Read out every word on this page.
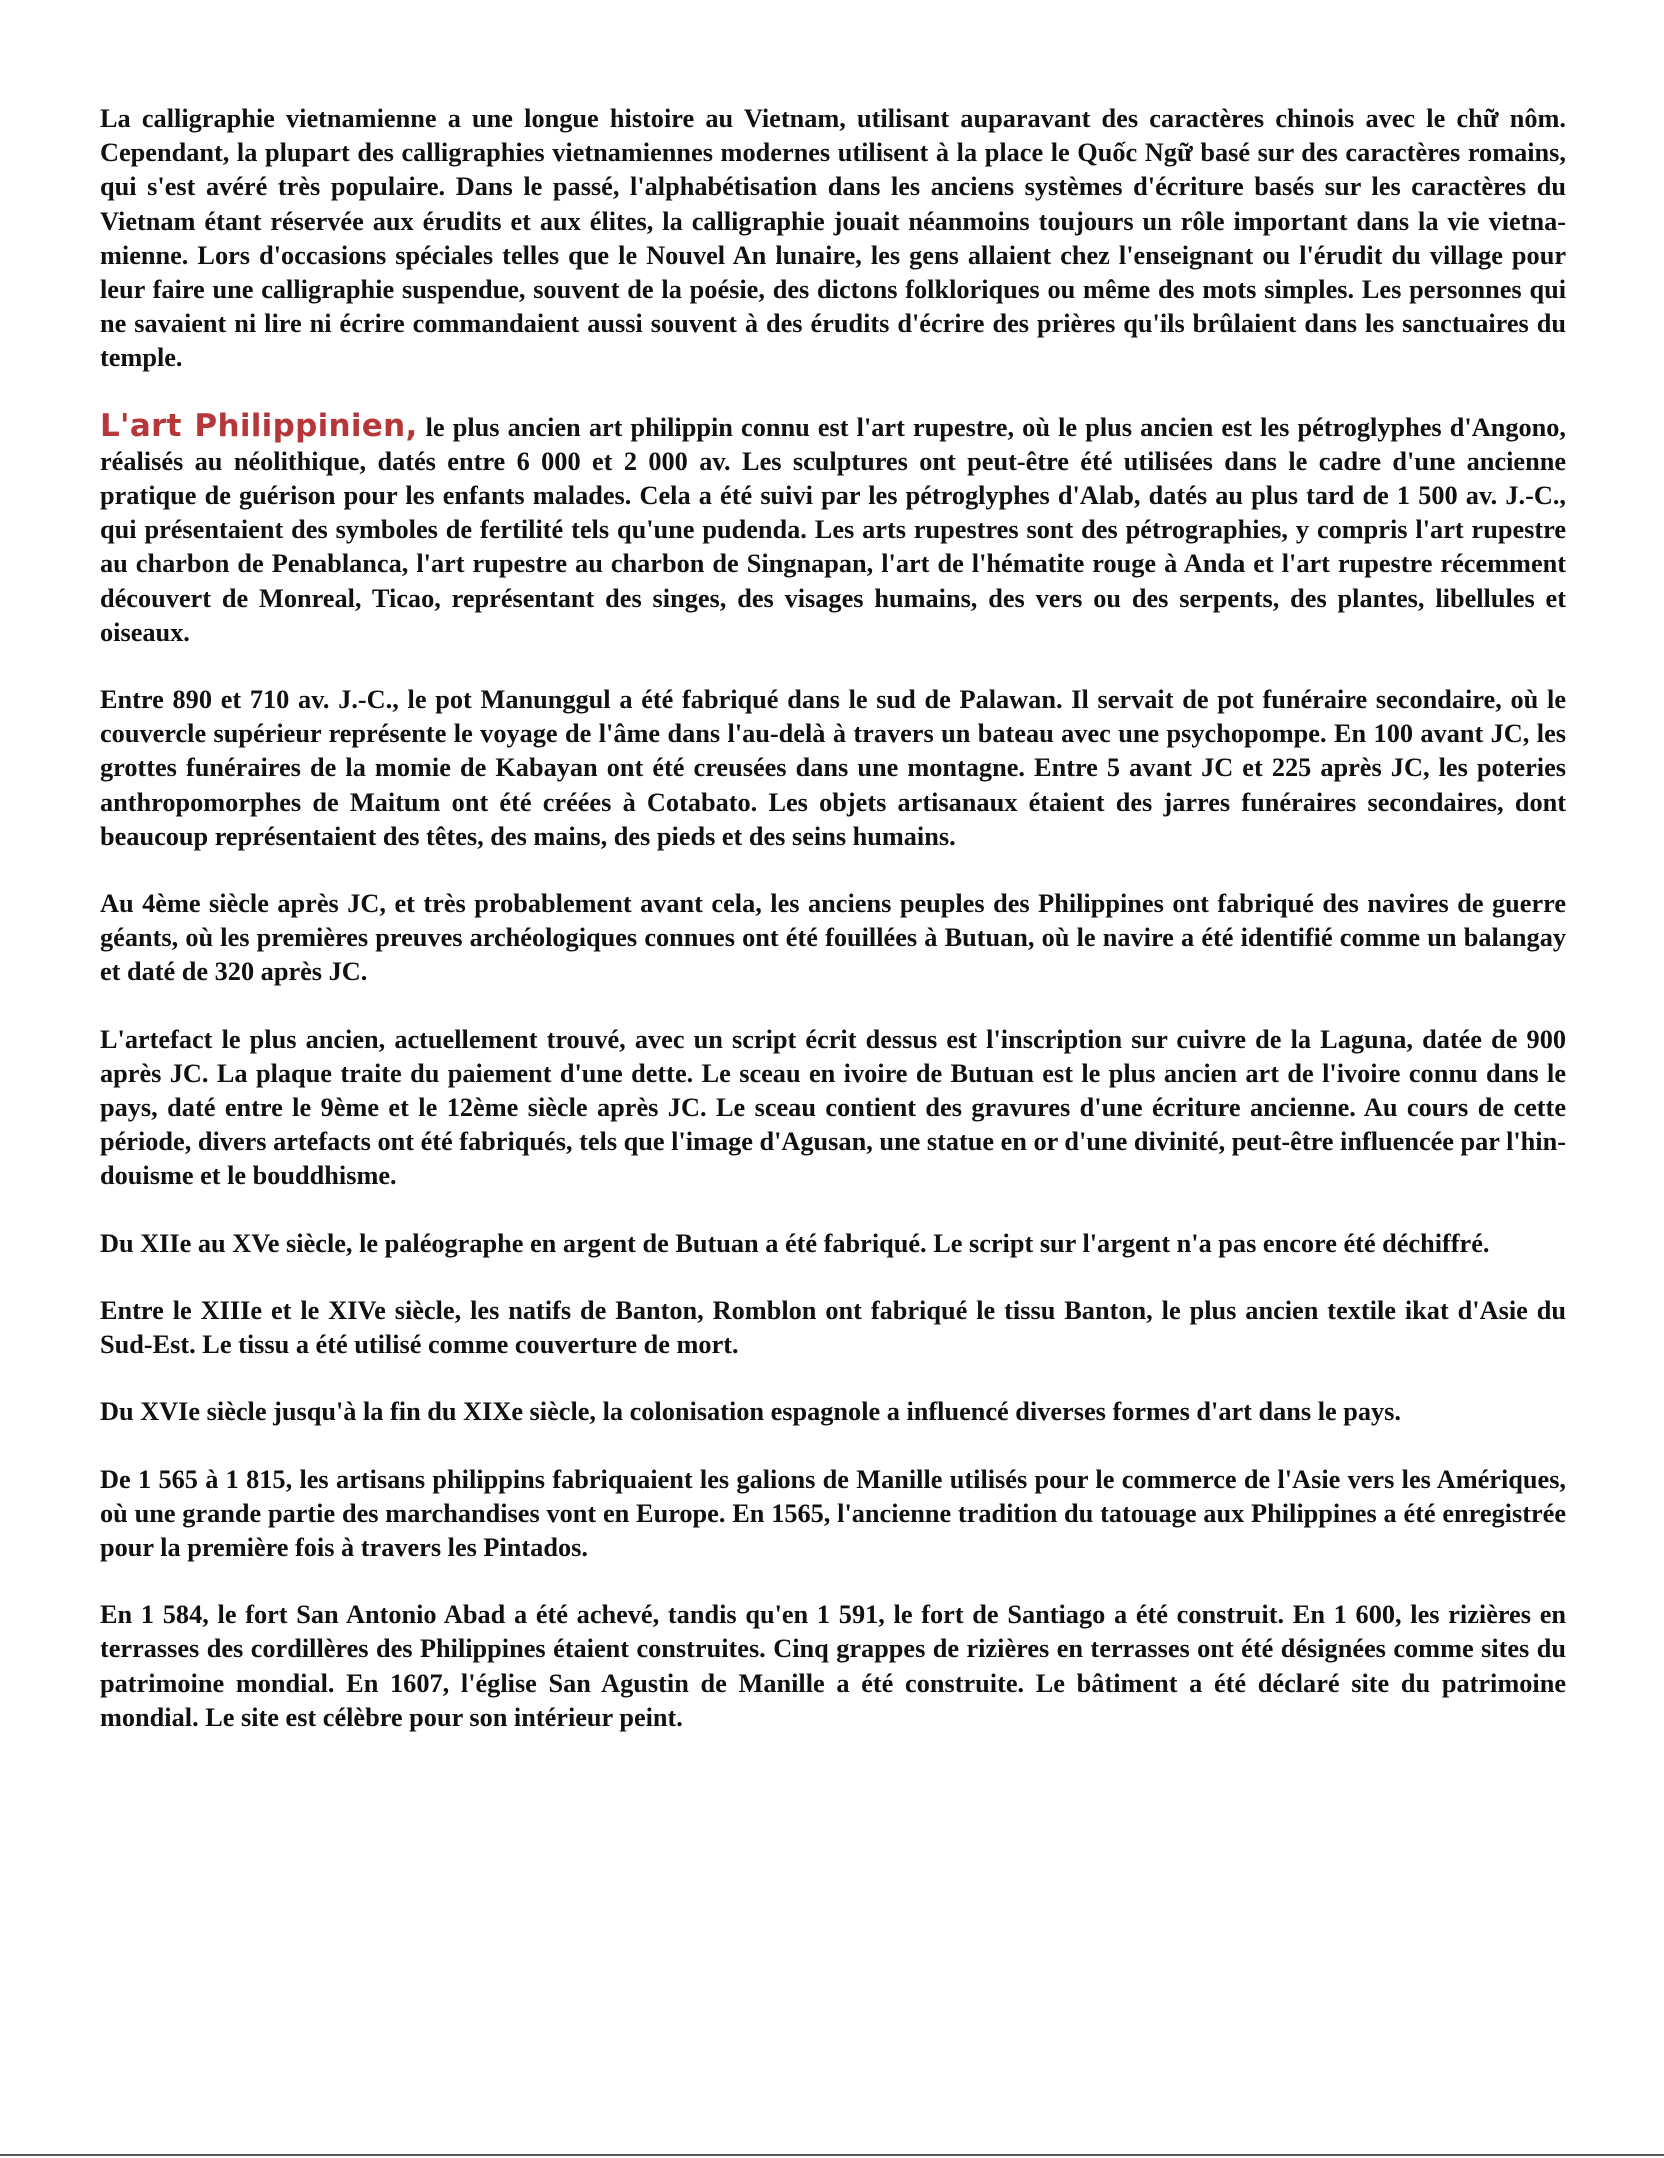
La calligraphie vietnamienne a une longue histoire au Vietnam, utilisant auparavant des caractères chinois avec le chữ nôm. Cependant, la plupart des calligraphies vietnamiennes modernes utilisent à la place le Quốc Ngữ basé sur des caractères romains, qui s'est avéré très populaire. Dans le passé, l'alphabétisation dans les anciens systèmes d'écriture basés sur les caractères du Vietnam étant réservée aux érudits et aux élites, la calligraphie jouait néanmoins toujours un rôle important dans la vie vietnamienne. Lors d'occasions spéciales telles que le Nouvel An lunaire, les gens allaient chez l'enseignant ou l'érudit du village pour leur faire une calligraphie suspendue, souvent de la poésie, des dictons folkloriques ou même des mots simples. Les personnes qui ne savaient ni lire ni écrire commandaient aussi souvent à des érudits d'écrire des prières qu'ils brûlaient dans les sanctuaires du temple.

L'art Philippinien, le plus ancien art philippin connu est l'art rupestre, où le plus ancien est les pétroglyphes d'Angono, réalisés au néolithique, datés entre 6 000 et 2 000 av. Les sculptures ont peut-être été utilisées dans le cadre d'une ancienne pratique de guérison pour les enfants malades. Cela a été suivi par les pétroglyphes d'Alab, datés au plus tard de 1 500 av. J.-C., qui présentaient des symboles de fertilité tels qu'une pudenda. Les arts rupestres sont des pétrographies, y compris l'art rupestre au charbon de Penablanca, l'art rupestre au charbon de Singnapan, l'art de l'hématite rouge à Anda et l'art rupestre récemment découvert de Monreal, Ticao, représentant des singes, des visages humains, des vers ou des serpents, des plantes, libellules et oiseaux.

Entre 890 et 710 av. J.-C., le pot Manunggul a été fabriqué dans le sud de Palawan. Il servait de pot funéraire secondaire, où le couvercle supérieur représente le voyage de l'âme dans l'au-delà à travers un bateau avec une psychopompe. En 100 avant JC, les grottes funéraires de la momie de Kabayan ont été creusées dans une montagne. Entre 5 avant JC et 225 après JC, les poteries anthropomorphes de Maitum ont été créées à Cotabato. Les objets artisanaux étaient des jarres funéraires secondaires, dont beaucoup représentaient des têtes, des mains, des pieds et des seins humains.

Au 4ème siècle après JC, et très probablement avant cela, les anciens peuples des Philippines ont fabriqué des navires de guerre géants, où les premières preuves archéologiques connues ont été fouillées à Butuan, où le navire a été identifié comme un balangay et daté de 320 après JC.

L'artefact le plus ancien, actuellement trouvé, avec un script écrit dessus est l'inscription sur cuivre de la Laguna, datée de 900 après JC. La plaque traite du paiement d'une dette. Le sceau en ivoire de Butuan est le plus ancien art de l'ivoire connu dans le pays, daté entre le 9ème et le 12ème siècle après JC. Le sceau contient des gravures d'une écriture ancienne. Au cours de cette période, divers artefacts ont été fabriqués, tels que l'image d'Agusan, une statue en or d'une divinité, peut-être influencée par l'hindouisme et le bouddhisme.

Du XIIe au XVe siècle, le paléographe en argent de Butuan a été fabriqué. Le script sur l'argent n'a pas encore été déchiffré.

Entre le XIIIe et le XIVe siècle, les natifs de Banton, Romblon ont fabriqué le tissu Banton, le plus ancien textile ikat d'Asie du Sud-Est. Le tissu a été utilisé comme couverture de mort.

Du XVIe siècle jusqu'à la fin du XIXe siècle, la colonisation espagnole a influencé diverses formes d'art dans le pays.

De 1 565 à 1 815, les artisans philippins fabriquaient les galions de Manille utilisés pour le commerce de l'Asie vers les Amériques, où une grande partie des marchandises vont en Europe. En 1565, l'ancienne tradition du tatouage aux Philippines a été enregistrée pour la première fois à travers les Pintados.

En 1 584, le fort San Antonio Abad a été achevé, tandis qu'en 1 591, le fort de Santiago a été construit. En 1 600, les rizières en terrasses des cordillères des Philippines étaient construites. Cinq grappes de rizières en terrasses ont été désignées comme sites du patrimoine mondial. En 1607, l'église San Agustin de Manille a été construite. Le bâtiment a été déclaré site du patrimoine mondial. Le site est célèbre pour son intérieur peint.
